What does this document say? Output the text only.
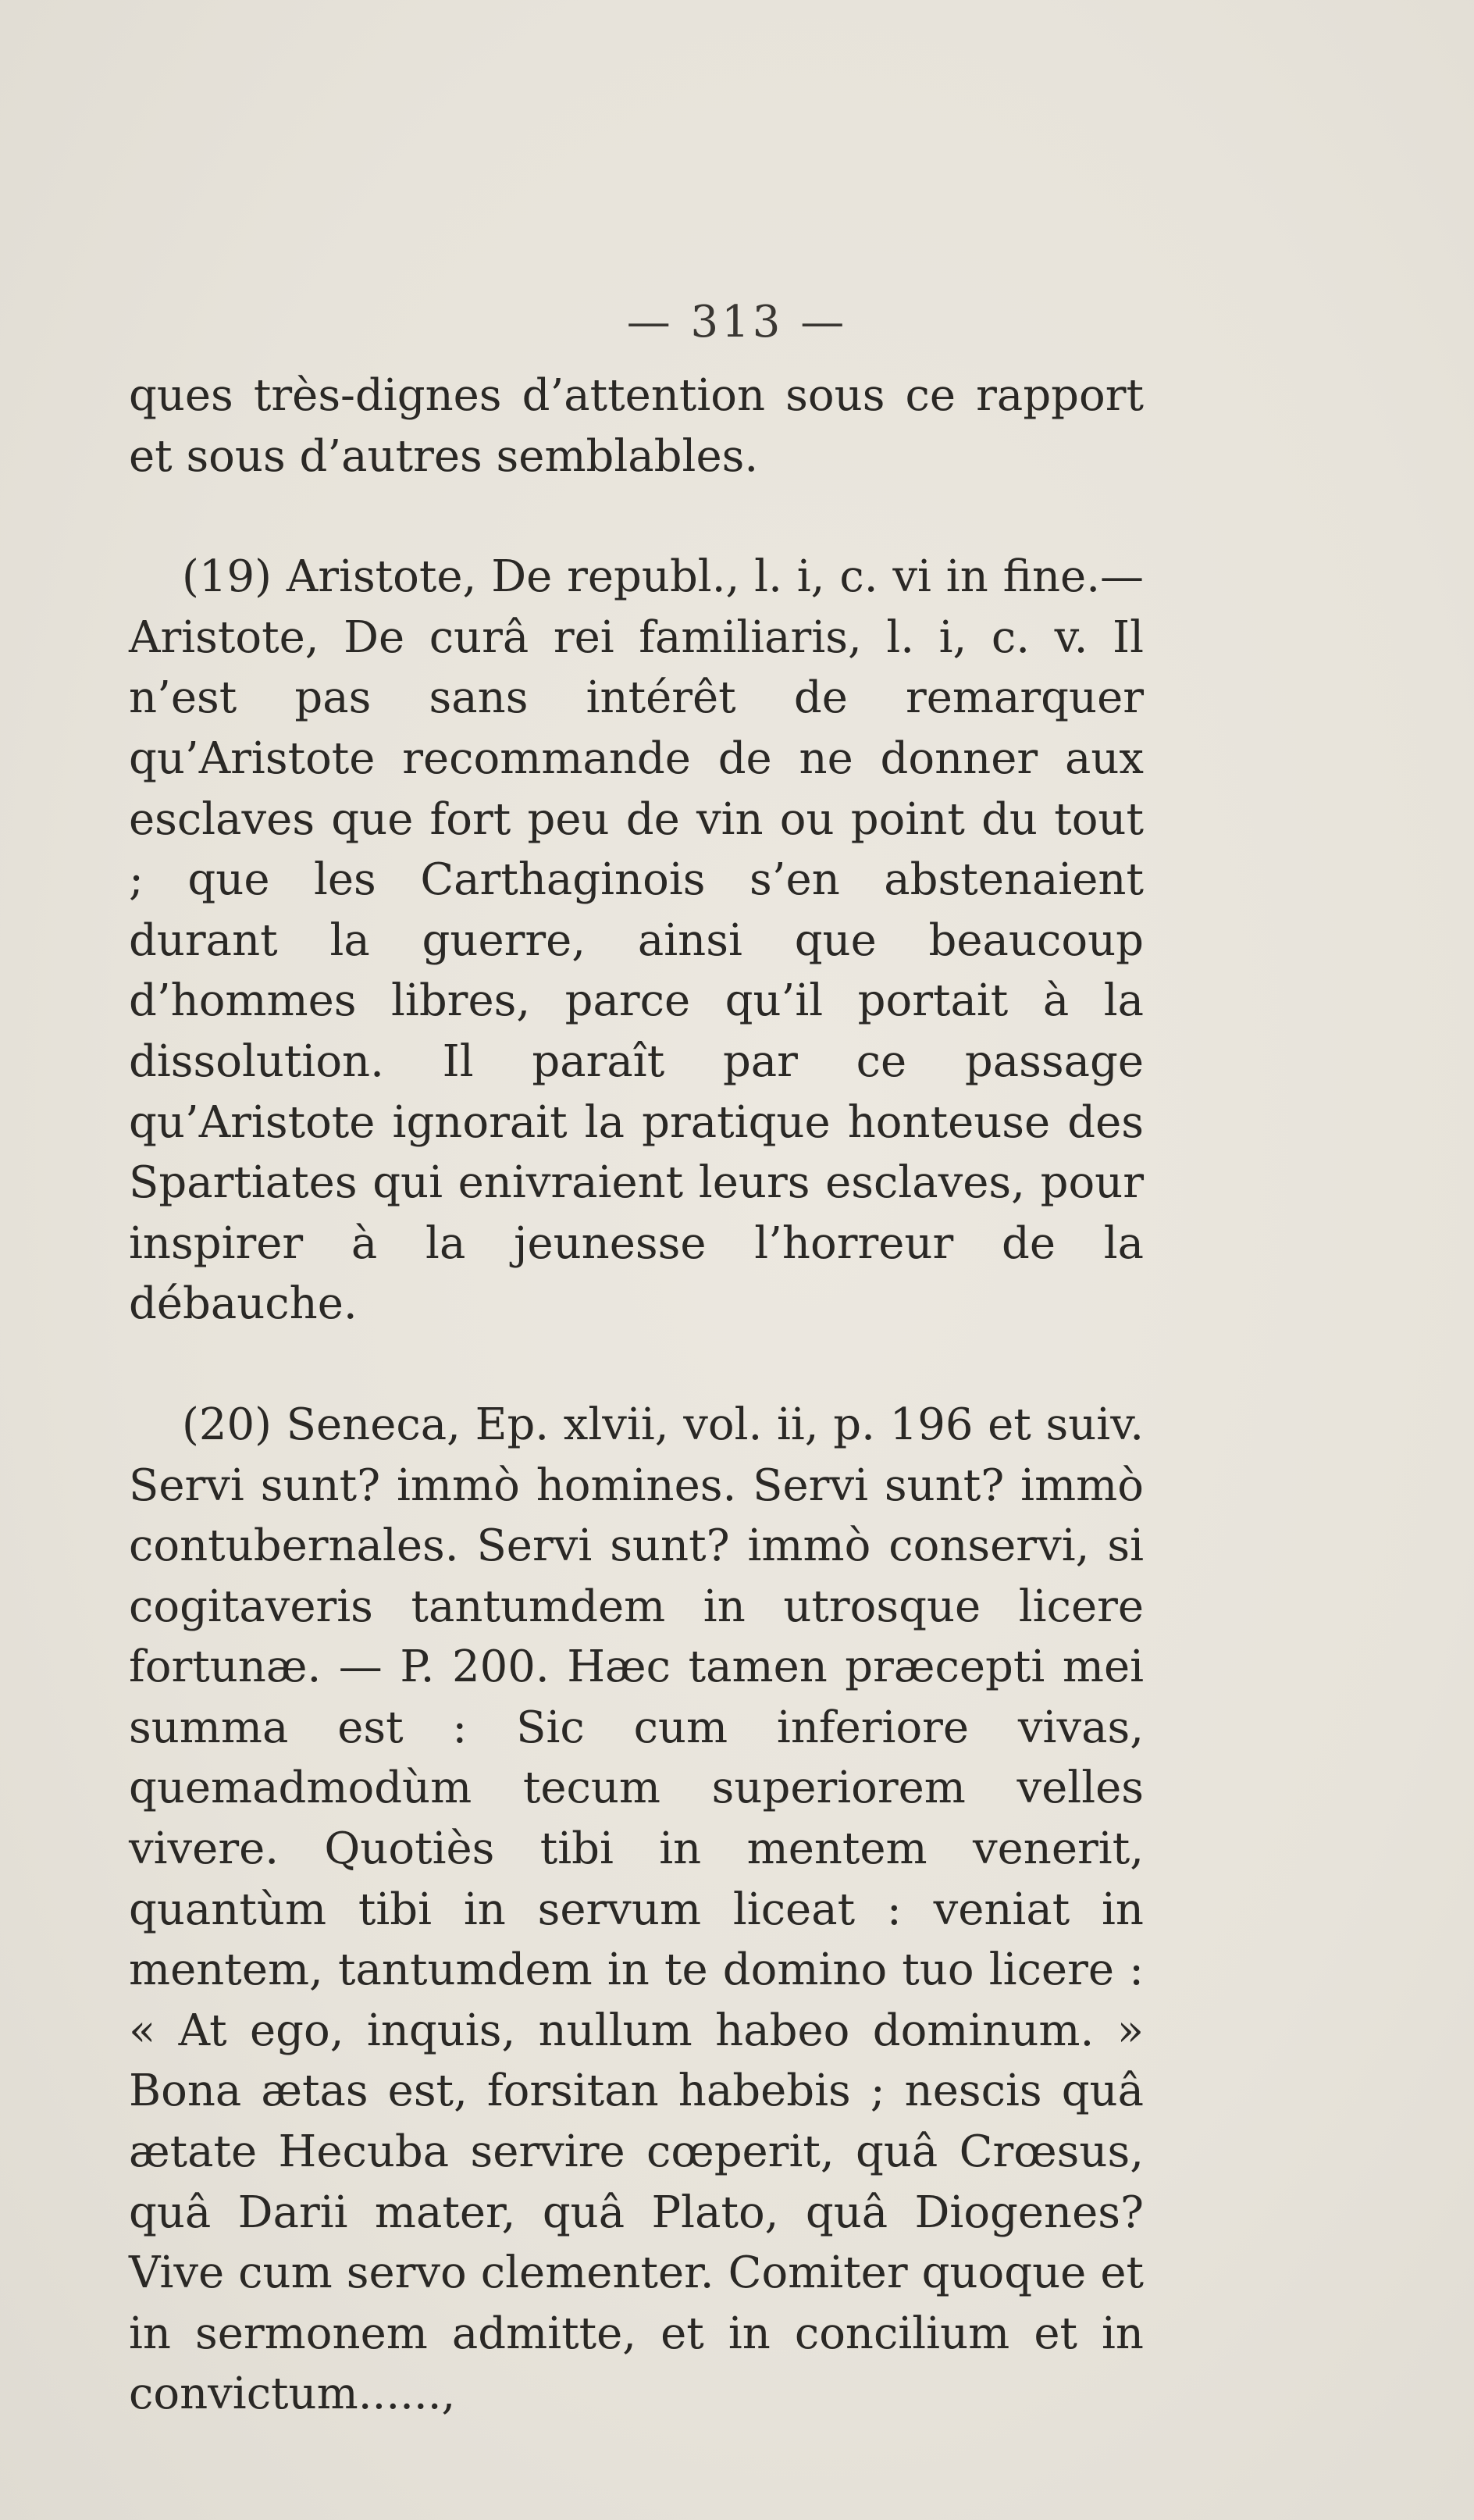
— 313 —

ques très-dignes d’attention sous ce rapport et sous d’autres semblables.

(19) Aristote, De republ., l. i, c. vi in fine.— Aristote, De curâ rei familiaris, l. i, c. v. Il n’est pas sans intérêt de remarquer qu’Aristote recommande de ne donner aux esclaves que fort peu de vin ou point du tout ; que les Carthaginois s’en abstenaient durant la guerre, ainsi que beaucoup d’hommes libres, parce qu’il portait à la dissolution. Il paraît par ce passage qu’Aristote ignorait la pratique honteuse des Spartiates qui enivraient leurs esclaves, pour inspirer à la jeunesse l’horreur de la débauche.

(20) Seneca, Ep. xlvii, vol. ii, p. 196 et suiv. Servi sunt? immò homines. Servi sunt? immò contubernales. Servi sunt? immò conservi, si cogitaveris tantumdem in utrosque licere fortunæ. — P. 200. Hæc tamen præcepti mei summa est : Sic cum inferiore vivas, quemadmodùm tecum superiorem velles vivere. Quotiès tibi in mentem venerit, quantùm tibi in servum liceat : veniat in mentem, tantumdem in te domino tuo licere : « At ego, inquis, nullum habeo dominum. » Bona ætas est, forsitan habebis ; nescis quâ ætate Hecuba servire cœperit, quâ Crœsus, quâ Darii mater, quâ Plato, quâ Diogenes? Vive cum servo clementer. Comiter quoque et in sermonem admitte, et in concilium et in convictum......,
